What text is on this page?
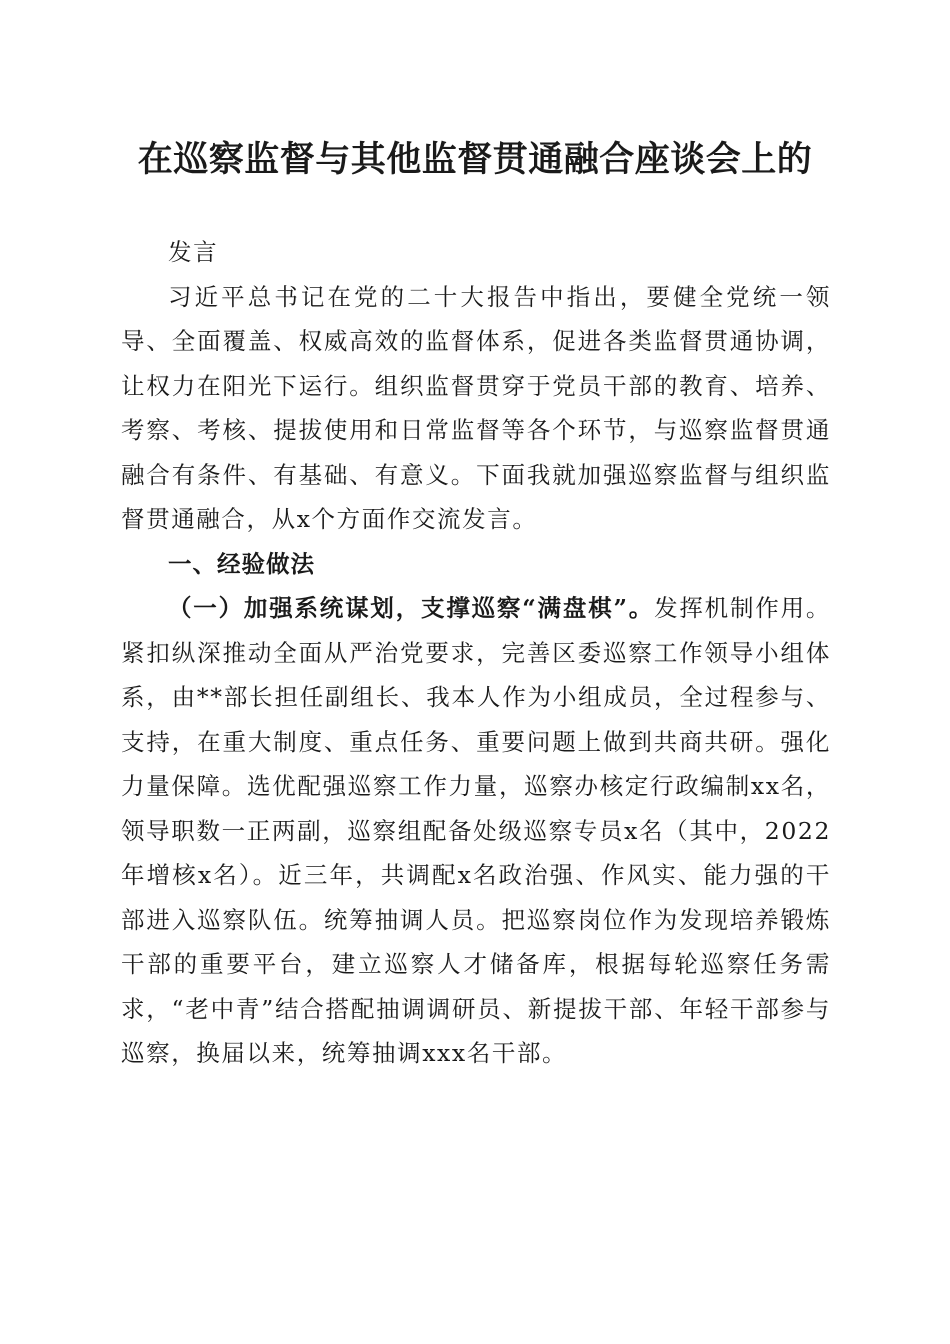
在巡察监督与其他监督贯通融合座谈会上的

发言

习近平总书记在党的二十大报告中指出，要健全党统一领导、全面覆盖、权威高效的监督体系，促进各类监督贯通协调，让权力在阳光下运行。组织监督贯穿于党员干部的教育、培养、考察、考核、提拔使用和日常监督等各个环节，与巡察监督贯通融合有条件、有基础、有意义。下面我就加强巡察监督与组织监督贯通融合，从x个方面作交流发言。

一、经验做法

（一）加强系统谋划，支撑巡察“满盘棋”。发挥机制作用。紧扣纵深推动全面从严治党要求，完善区委巡察工作领导小组体系，由**部长担任副组长、我本人作为小组成员，全过程参与、支持，在重大制度、重点任务、重要问题上做到共商共研。强化力量保障。选优配强巡察工作力量，巡察办核定行政编制xx名，领导职数一正两副，巡察组配备处级巡察专员x名（其中，2022年增核x名）。近三年，共调配x名政治强、作风实、能力强的干部进入巡察队伍。统筹抽调人员。把巡察岗位作为发现培养锻炼干部的重要平台，建立巡察人才储备库，根据每轮巡察任务需求，“老中青”结合搭配抽调调研员、新提拔干部、年轻干部参与巡察，换届以来，统筹抽调xxx名干部。
